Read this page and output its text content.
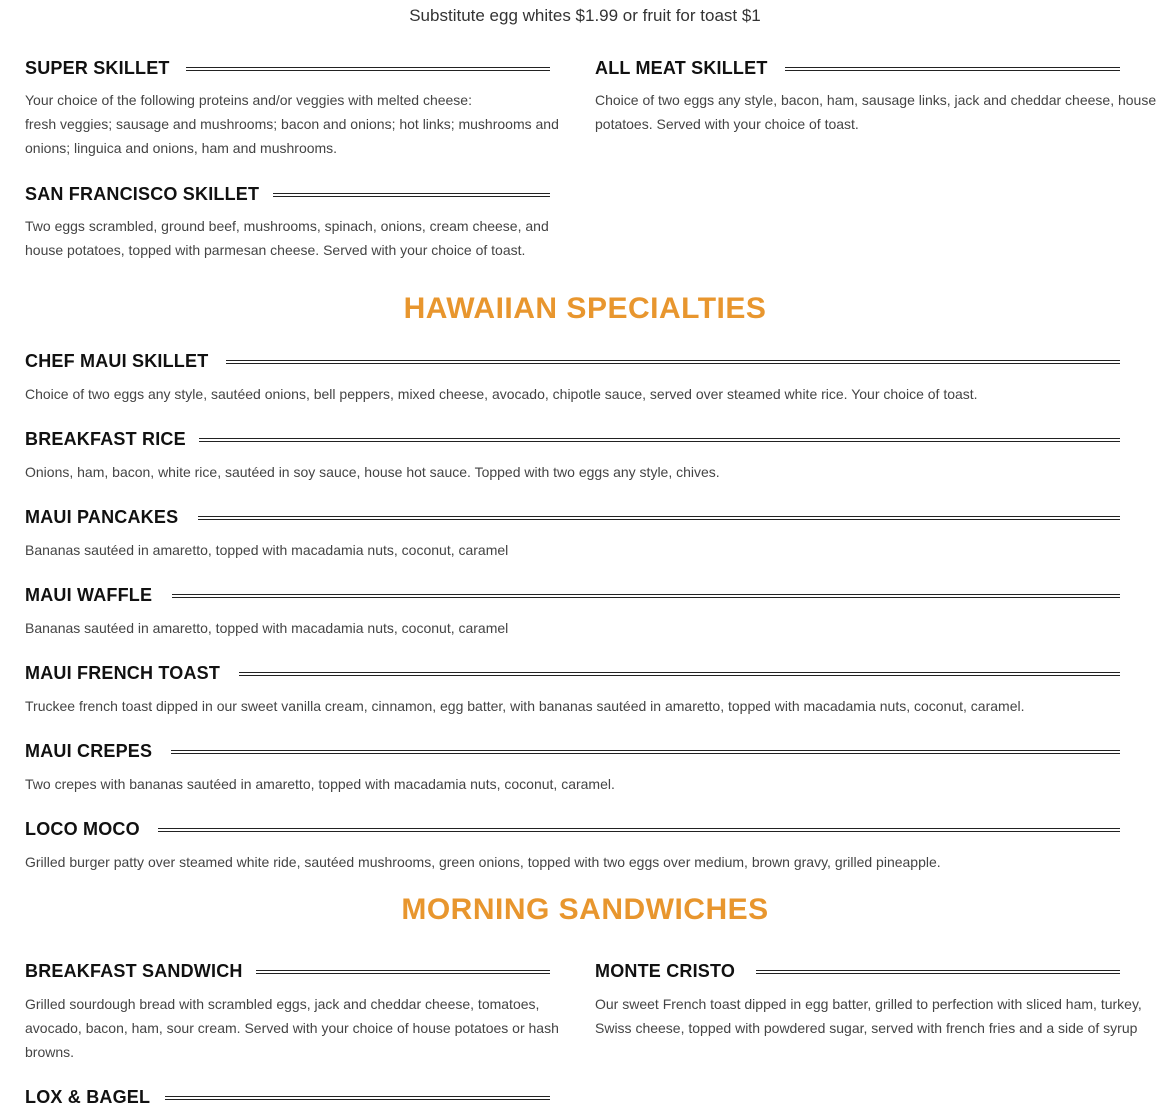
Substitute egg whites $1.99 or fruit for toast $1
SUPER SKILLET
Your choice of the following proteins and/or veggies with melted cheese:
fresh veggies; sausage and mushrooms; bacon and onions; hot links; mushrooms and
onions; linguica and onions, ham and mushrooms.
ALL MEAT SKILLET
Choice of two eggs any style, bacon, ham, sausage links, jack and cheddar cheese, house
potatoes. Served with your choice of toast.
SAN FRANCISCO SKILLET
Two eggs scrambled, ground beef, mushrooms, spinach, onions, cream cheese, and
house potatoes, topped with parmesan cheese. Served with your choice of toast.
HAWAIIAN SPECIALTIES
CHEF MAUI SKILLET
Choice of two eggs any style, sautéed onions, bell peppers, mixed cheese, avocado, chipotle sauce, served over steamed white rice. Your choice of toast.
BREAKFAST RICE
Onions, ham, bacon, white rice, sautéed in soy sauce, house hot sauce. Topped with two eggs any style, chives.
MAUI PANCAKES
Bananas sautéed in amaretto, topped with macadamia nuts, coconut, caramel
MAUI WAFFLE
Bananas sautéed in amaretto, topped with macadamia nuts, coconut, caramel
MAUI FRENCH TOAST
Truckee french toast dipped in our sweet vanilla cream, cinnamon, egg batter, with bananas sautéed in amaretto, topped with macadamia nuts, coconut, caramel.
MAUI CREPES
Two crepes with bananas sautéed in amaretto, topped with macadamia nuts, coconut, caramel.
LOCO MOCO
Grilled burger patty over steamed white ride, sautéed mushrooms, green onions, topped with two eggs over medium, brown gravy, grilled pineapple.
MORNING SANDWICHES
BREAKFAST SANDWICH
Grilled sourdough bread with scrambled eggs, jack and cheddar cheese, tomatoes,
avocado, bacon, ham, sour cream. Served with your choice of house potatoes or hash
browns.
MONTE CRISTO
Our sweet French toast dipped in egg batter, grilled to perfection with sliced ham, turkey,
Swiss cheese, topped with powdered sugar, served with french fries and a side of syrup
LOX & BAGEL
